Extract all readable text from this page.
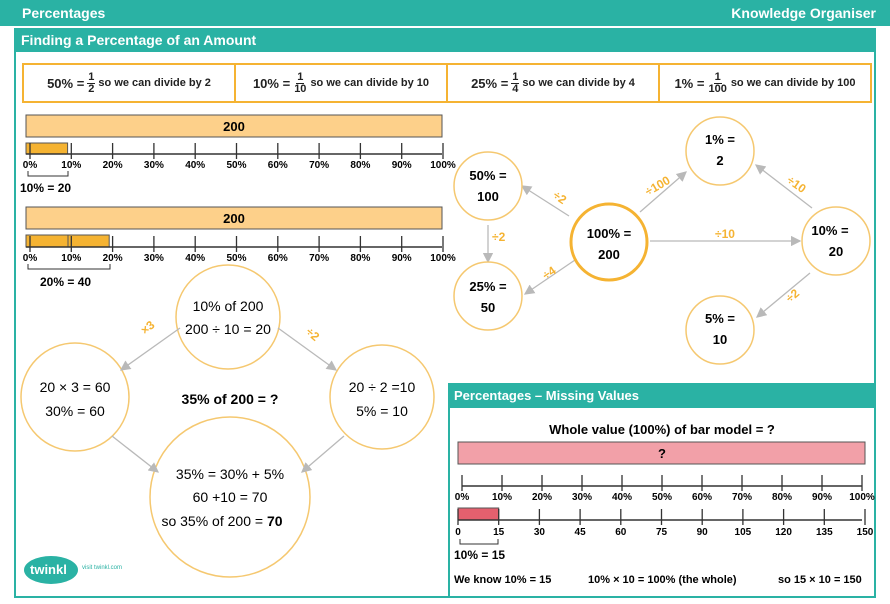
Percentages	Knowledge Organiser
Finding a Percentage of an Amount
$50\% = \frac{1}{2}$ so we can divide by 2	$10\% = \frac{1}{10}$ so we can divide by 10	$25\% = \frac{1}{4}$ so we can divide by 4	$1\% = \frac{1}{100}$ so we can divide by 100
200
0% 10% 20% 30% 40% 50% 60% 70% 80% 90% 100%
10% = 20
200
0% 10% 20% 30% 40% 50% 60% 70% 80% 90% 100%
20% = 40
10% of 200
200 ÷ 10 = 20
20 × 3 = 60
30% = 60
20 ÷ 2 =10
5% = 10
35% of 200 = ?
35% = 30% + 5%
60 +10 = 70
so 35% of 200 = 70
×3	÷2
÷2
÷4
÷2
÷100
÷10
÷10
÷2
50% =
100
25% =
50
100% =
200
1% =
2
10% =
20
5% =
10
Percentages – Missing Values
Whole value (100%) of bar model = ?
?
0% 10% 20% 30% 40% 50% 60% 70% 80% 90% 100%
0	15	30	45	60	75	90	105 120 135 150
10% = 15
We know 10% = 15	10% × 10 = 100% (the whole)	so 15 × 10 = 150
twinkl	visit twinkl.com
